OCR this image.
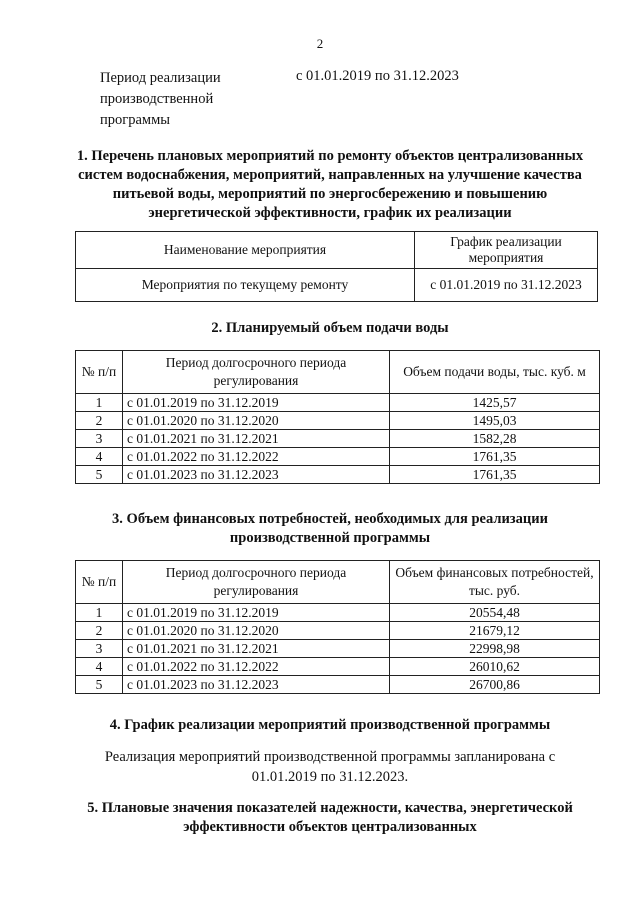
2
Период реализации производственной программы
с 01.01.2019 по 31.12.2023
1. Перечень плановых мероприятий по ремонту объектов централизованных систем водоснабжения, мероприятий, направленных на улучшение качества питьевой воды, мероприятий по энергосбережению и повышению энергетической эффективности, график их реализации
Наименование мероприятия	График реализации мероприятия
Мероприятия по текущему ремонту	с 01.01.2019 по 31.12.2023
2. Планируемый объем подачи воды
№ п/п	Период долгосрочного периода регулирования	Объем подачи воды, тыс. куб. м
1	с 01.01.2019 по 31.12.2019	1425,57
2	с 01.01.2020 по 31.12.2020	1495,03
3	с 01.01.2021 по 31.12.2021	1582,28
4	с 01.01.2022 по 31.12.2022	1761,35
5	с 01.01.2023 по 31.12.2023	1761,35
3. Объем финансовых потребностей, необходимых для реализации производственной программы
№ п/п	Период долгосрочного периода регулирования	Объем финансовых потребностей, тыс. руб.
1	с 01.01.2019 по 31.12.2019	20554,48
2	с 01.01.2020 по 31.12.2020	21679,12
3	с 01.01.2021 по 31.12.2021	22998,98
4	с 01.01.2022 по 31.12.2022	26010,62
5	с 01.01.2023 по 31.12.2023	26700,86
4. График реализации мероприятий производственной программы
Реализация мероприятий производственной программы запланирована с 01.01.2019 по 31.12.2023.
5. Плановые значения показателей надежности, качества, энергетической эффективности объектов централизованных
